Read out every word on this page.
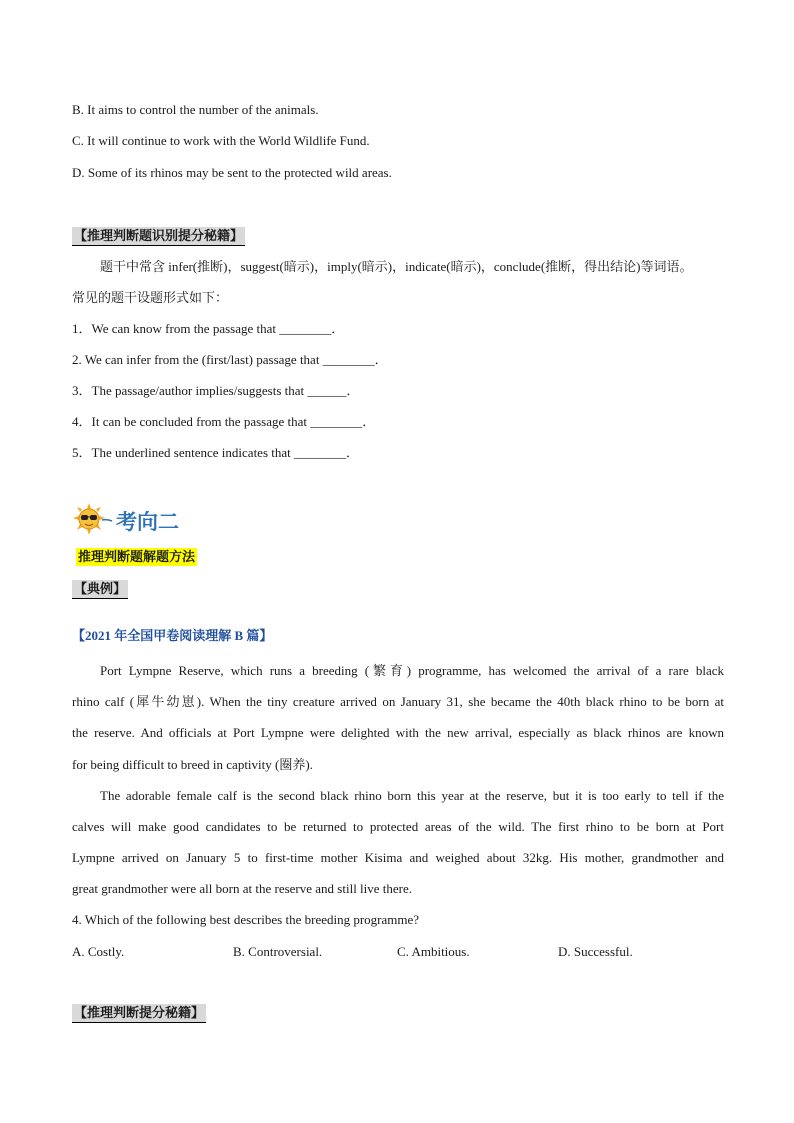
B. It aims to control the number of the animals.
C. It will continue to work with the World Wildlife Fund.
D. Some of its rhinos may be sent to the protected wild areas.
【推理判断题识别提分秘籍】
题干中常含 infer(推断)，suggest(暗示)，imply(暗示)，indicate(暗示)，conclude(推断，得出结论)等词语。
常见的题干设题形式如下：
1．We can know from the passage that ________．
2. We can infer from the (first/last) passage that ________．
3．The passage/author implies/suggests that ______．
4．It can be concluded from the passage that ________．
5．The underlined sentence indicates that ________．
考向二
推理判断题解题方法
【典例】
【2021 年全国甲卷阅读理解 B 篇】
Port Lympne Reserve, which runs a breeding (繁育) programme, has welcomed the arrival of a rare black
rhino calf (犀牛幼崽). When the tiny creature arrived on January 31, she became the 40th black rhino to be born at
the reserve. And officials at Port Lympne were delighted with the new arrival, especially as black rhinos are known
for being difficult to breed in captivity (圈养).
The adorable female calf is the second black rhino born this year at the reserve, but it is too early to tell if the
calves will make good candidates to be returned to protected areas of the wild. The first rhino to be born at Port
Lympne arrived on January 5 to first-time mother Kisima and weighed about 32kg. His mother, grandmother and
great grandmother were all born at the reserve and still live there.
4. Which of the following best describes the breeding programme?
A. Costly.	B. Controversial.	C. Ambitious.	D. Successful.
【推理判断提分秘籍】
